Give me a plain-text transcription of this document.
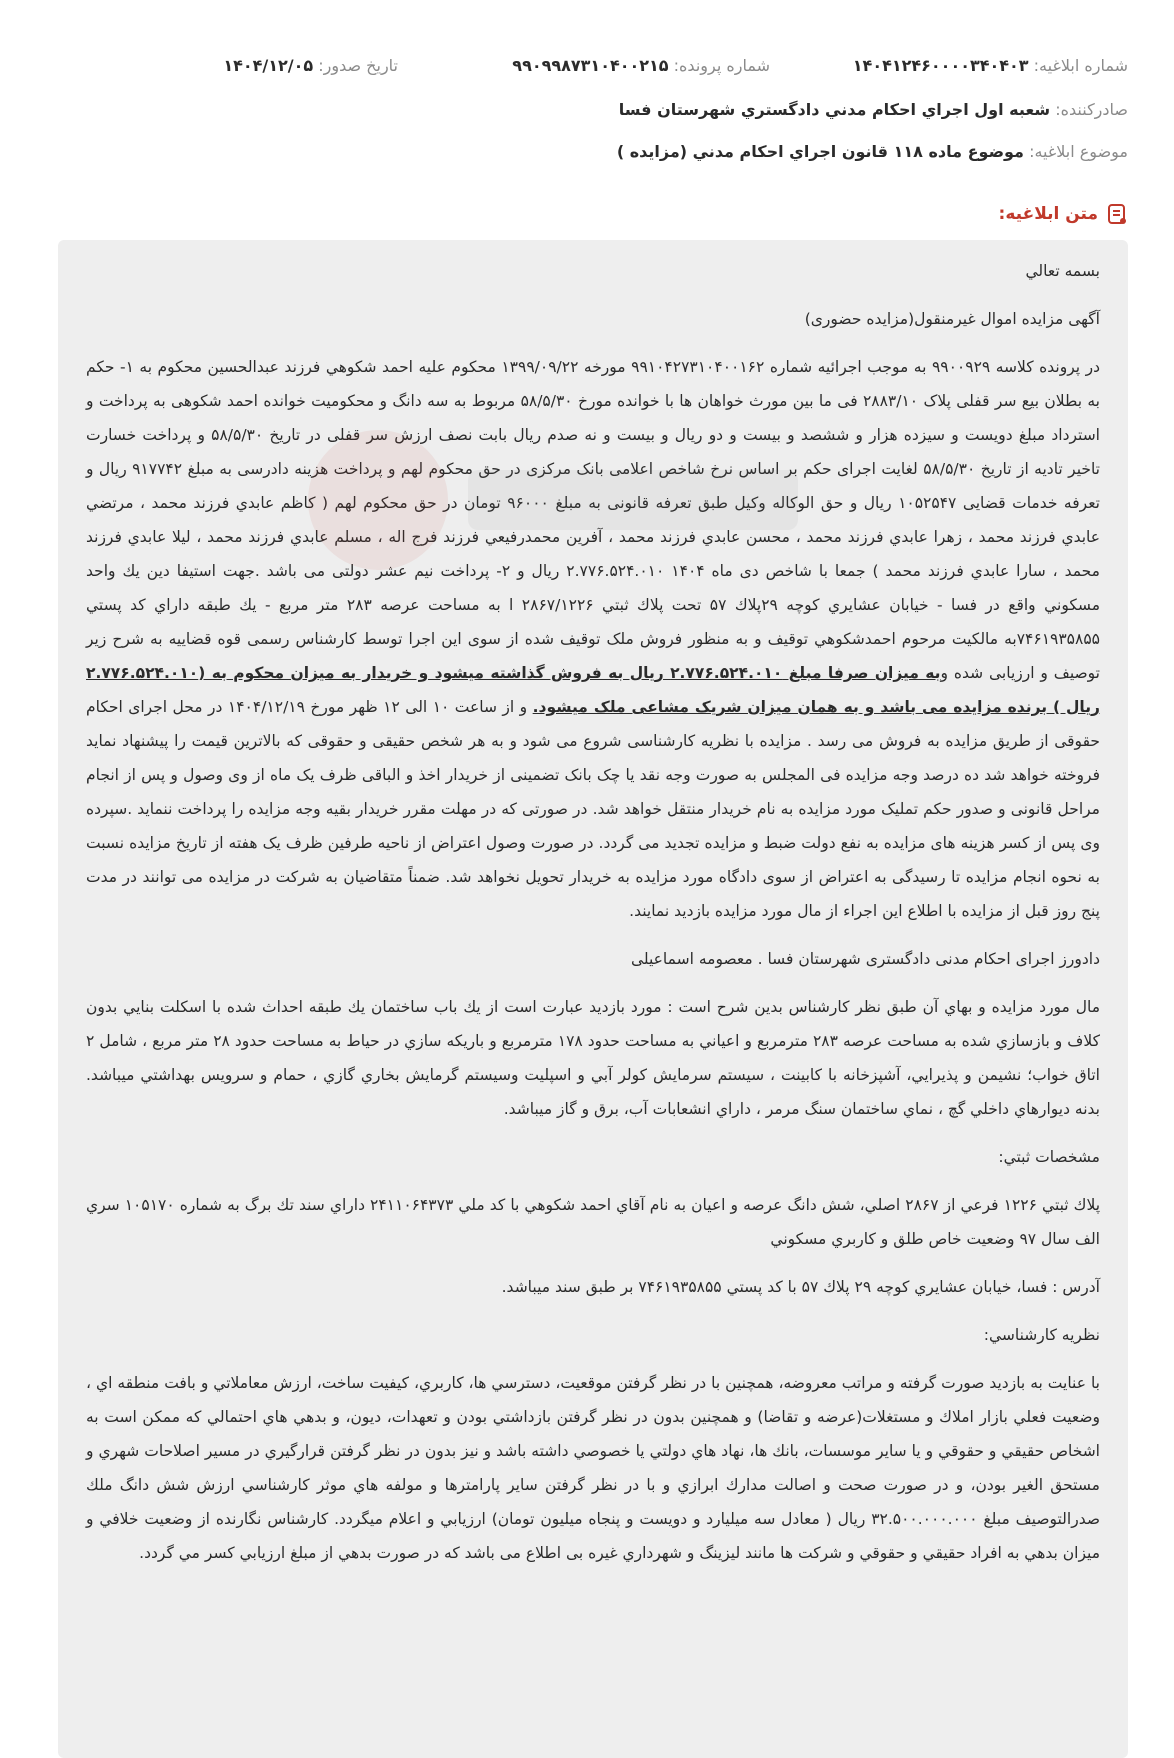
شماره ابلاغيه: ۱۴۰۴۱۲۴۶۰۰۰۰۳۴۰۴۰۳
شماره پرونده: ۹۹۰۹۹۸۷۳۱۰۴۰۰۲۱۵
تاريخ صدور: ۱۴۰۴/۱۲/۰۵
صادرکننده: شعبه اول اجراي احکام مدني دادگستري شهرستان فسا
موضوع ابلاغيه: موضوع ماده ۱۱۸ قانون اجراي احکام مدني (مزايده )
متن ابلاغيه:

بسمه تعالي

آگهی مزایده اموال غیرمنقول(مزایده حضوری)

در پرونده کلاسه ۹۹۰۰۹۲۹ به موجب اجرائيه شماره ۹۹۱۰۴۲۷۳۱۰۴۰۰۱۶۲ مورخه ۱۳۹۹/۰۹/۲۲ محکوم علیه احمد شکوهي فرزند عبدالحسين محکوم به ۱- حکم به بطلان بیع سر قفلی پلاک ۲۸۸۳/۱۰ فی ما بین مورث خواهان ها با خوانده مورخ ۵۸/۵/۳۰ مربوط به سه دانگ و محکومیت خوانده احمد شکوهی به پرداخت و استرداد مبلغ دویست و سیزده هزار و ششصد و بیست و دو ریال و بیست و نه صدم ریال بابت نصف ارزش سر قفلی در تاریخ ۵۸/۵/۳۰ و پرداخت خسارت تاخیر تادیه از تاریخ ۵۸/۵/۳۰ لغایت اجرای حکم بر اساس نرخ شاخص اعلامی بانک مرکزی در حق محکوم لهم و پرداخت هزینه دادرسی به مبلغ ۹۱۷۷۴۲ ریال و تعرفه خدمات قضایی ۱۰۵۲۵۴۷ ریال و حق الوکاله وکیل طبق تعرفه قانونی به مبلغ ۹۶۰۰۰ تومان در حق محکوم لهم ( کاظم عابدي فرزند محمد ، مرتضي عابدي فرزند محمد ، زهرا عابدي فرزند محمد ، محسن عابدي فرزند محمد ، آفرین محمدرفیعي فرزند فرج اله ، مسلم عابدي فرزند محمد ، لیلا عابدي فرزند محمد ، سارا عابدي فرزند محمد ) جمعا با شاخص دی ماه ۱۴۰۴ ۲.۷۷۶.۵۲۴.۰۱۰ ریال و ۲- پرداخت نیم عشر دولتی می باشد .جهت استیفا دین يك واحد مسكوني واقع در فسا - خیابان عشایري كوچه ۲۹پلاك ۵۷ تحت پلاك ثبتي ۲۸۶۷/۱۲۲۶ ا به مساحت عرصه ۲۸۳ متر مربع - يك طبقه داراي كد پستي ۷۴۶۱۹۳۵۸۵۵به مالکیت مرحوم احمدشکوهي توقیف و به منظور فروش ملک توقیف شده از سوی این اجرا توسط کارشناس رسمی قوه قضاییه به شرح زیر توصیف و ارزیابی شده وبه میزان صرفا مبلغ ۲.۷۷۶.۵۲۴.۰۱۰ ریال به فروش گذاشته میشود و خریدار به میزان محکوم به (۲.۷۷۶.۵۲۴.۰۱۰ ریال ) برنده مزایده می باشد و به همان میزان شریک مشاعی ملک میشود. و از ساعت ۱۰ الی ۱۲ ظهر مورخ ۱۴۰۴/۱۲/۱۹ در محل اجرای احکام حقوقی از طریق مزایده به فروش می رسد . مزایده با نظریه کارشناسی شروع می شود و به هر شخص حقیقی و حقوقی که بالاترین قیمت را پیشنهاد نماید فروخته خواهد شد ده درصد وجه مزایده فی المجلس به صورت وجه نقد یا چک بانک تضمینی از خریدار اخذ و الباقی ظرف یک ماه از وی وصول و پس از انجام مراحل قانونی و صدور حکم تملیک مورد مزایده به نام خریدار منتقل خواهد شد. در صورتی که در مهلت مقرر خریدار بقیه وجه مزایده را پرداخت ننماید .سپرده وی پس از کسر هزینه های مزایده به نفع دولت ضبط و مزایده تجدید می گردد. در صورت وصول اعتراض از ناحیه طرفین ظرف یک هفته از تاریخ مزایده نسبت به نحوه انجام مزایده تا رسیدگی به اعتراض از سوی دادگاه مورد مزایده به خریدار تحویل نخواهد شد. ضمناً متقاضیان به شرکت در مزایده می توانند در مدت پنج روز قبل از مزایده با اطلاع این اجراء از مال مورد مزایده بازدید نمایند.

دادورز اجرای احکام مدنی دادگستری شهرستان فسا . معصومه اسماعیلی

مال مورد مزایده و بهاي آن طبق نظر كارشناس بدين شرح است : مورد بازديد عبارت است از يك باب ساختمان يك طبقه احداث شده با اسكلت بنايي بدون كلاف و بازسازي شده به مساحت عرصه ۲۸۳ مترمربع و اعياني به مساحت حدود ۱۷۸ مترمربع و باريكه سازي در حياط به مساحت حدود ۲۸ متر مربع ، شامل ۲ اتاق خواب؛ نشيمن و پذيرايي، آشپزخانه با كابينت ، سيستم سرمايش كولر آبي و اسپليت وسيستم گرمايش بخاري گازي ، حمام و سرويس بهداشتي ميباشد. بدنه ديوارهاي داخلي گچ ، نماي ساختمان سنگ مرمر ، داراي انشعابات آب، برق و گاز ميباشد.

مشخصات ثبتي:

پلاك ثبتي ۱۲۲۶ فرعي از ۲۸۶۷ اصلي، شش دانگ عرصه و اعيان به نام آقاي احمد شكوهي با كد ملي ۲۴۱۱۰۶۴۳۷۳ داراي سند تك برگ به شماره ۱۰۵۱۷۰ سري الف سال ۹۷ وضعيت خاص طلق و كاربري مسكوني

آدرس : فسا، خيابان عشايري كوچه ۲۹ پلاك ۵۷ با كد پستي ۷۴۶۱۹۳۵۸۵۵ بر طبق سند ميباشد.

نظريه كارشناسي:

با عنايت به بازديد صورت گرفته و مراتب معروضه، همچنين با در نظر گرفتن موقعيت، دسترسي ها، كاربري، كيفيت ساخت، ارزش معاملاتي و بافت منطقه اي ، وضعيت فعلي بازار املاك و مستغلات(عرضه و تقاضا) و همچنين بدون در نظر گرفتن بازداشتي بودن و تعهدات، ديون، و بدهي هاي احتمالي كه ممكن است به اشخاص حقيقي و حقوقي و يا ساير موسسات، بانك ها، نهاد هاي دولتي يا خصوصي داشته باشد و نيز بدون در نظر گرفتن قرارگيري در مسير اصلاحات شهري و مستحق الغير بودن، و در صورت صحت و اصالت مدارك ابرازي و با در نظر گرفتن ساير پارامترها و مولفه هاي موثر كارشناسي ارزش شش دانگ ملك صدرالتوصيف مبلغ ۳۲.۵۰۰.۰۰۰.۰۰۰ ريال ( معادل سه ميليارد و دويست و پنجاه ميليون تومان) ارزيابي و اعلام ميگردد. كارشناس نگارنده از وضعيت خلافي و ميزان بدهي به افراد حقيقي و حقوقي و شركت ها مانند ليزينگ و شهرداري غيره بی اطلاع می باشد كه در صورت بدهي از مبلغ ارزيابي كسر مي گردد.
